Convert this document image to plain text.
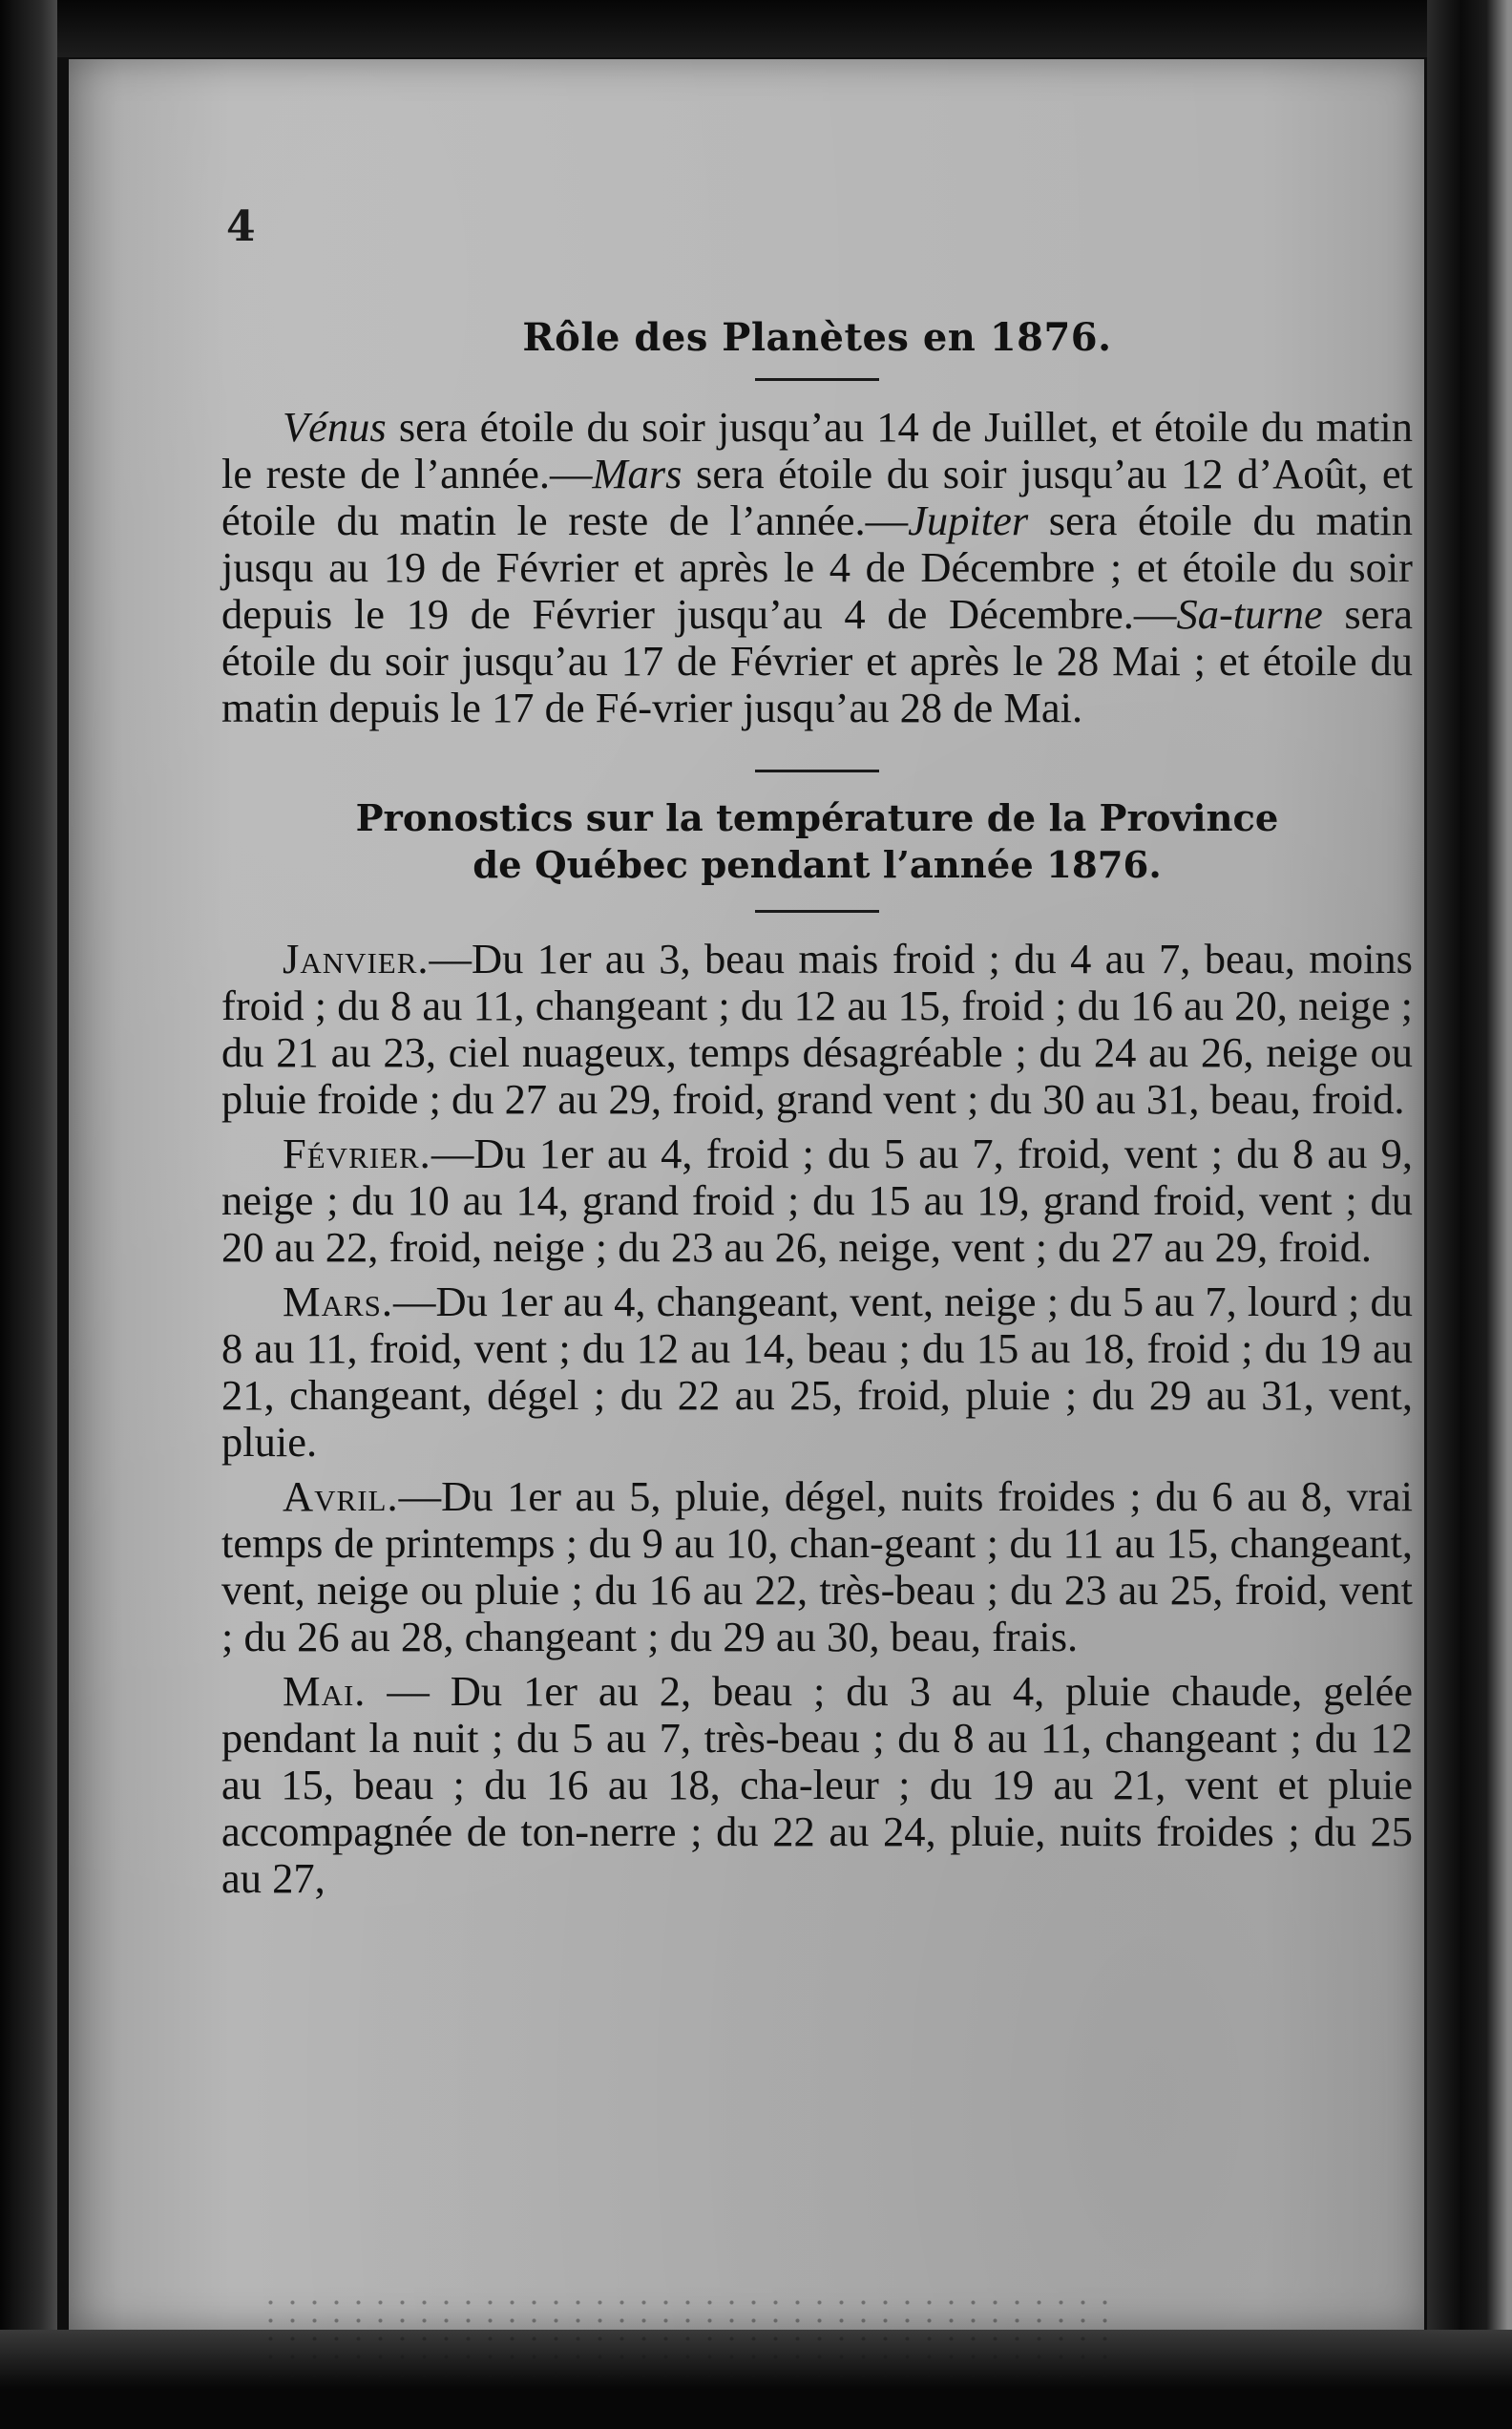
4
Rôle des Planètes en 1876.

Vénus sera étoile du soir jusqu’au 14 de Juillet, et étoile du matin le reste de l’année.—Mars sera étoile du soir jusqu’au 12 d’Août, et étoile du matin le reste de l’année.—Jupiter sera étoile du matin jusqu au 19 de Février et après le 4 de Décembre ; et étoile du soir depuis le 19 de Février jusqu’au 4 de Décembre.—Sa-turne sera étoile du soir jusqu’au 17 de Février et après le 28 Mai ; et étoile du matin depuis le 17 de Fé-vrier jusqu’au 28 de Mai.

Pronostics sur la température de la Province
de Québec pendant l’année 1876.

Janvier.—Du 1er au 3, beau mais froid ; du 4 au 7, beau, moins froid ; du 8 au 11, changeant ; du 12 au 15, froid ; du 16 au 20, neige ; du 21 au 23, ciel nuageux, temps désagréable ; du 24 au 26, neige ou pluie froide ; du 27 au 29, froid, grand vent ; du 30 au 31, beau, froid.

Février.—Du 1er au 4, froid ; du 5 au 7, froid, vent ; du 8 au 9, neige ; du 10 au 14, grand froid ; du 15 au 19, grand froid, vent ; du 20 au 22, froid, neige ; du 23 au 26, neige, vent ; du 27 au 29, froid.

Mars.—Du 1er au 4, changeant, vent, neige ; du 5 au 7, lourd ; du 8 au 11, froid, vent ; du 12 au 14, beau ; du 15 au 18, froid ; du 19 au 21, changeant, dégel ; du 22 au 25, froid, pluie ; du 29 au 31, vent, pluie.

Avril.—Du 1er au 5, pluie, dégel, nuits froides ; du 6 au 8, vrai temps de printemps ; du 9 au 10, chan-geant ; du 11 au 15, changeant, vent, neige ou pluie ; du 16 au 22, très-beau ; du 23 au 25, froid, vent ; du 26 au 28, changeant ; du 29 au 30, beau, frais.

Mai. — Du 1er au 2, beau ; du 3 au 4, pluie chaude, gelée pendant la nuit ; du 5 au 7, très-beau ; du 8 au 11, changeant ; du 12 au 15, beau ; du 16 au 18, cha-leur ; du 19 au 21, vent et pluie accompagnée de ton-nerre ; du 22 au 24, pluie, nuits froides ; du 25 au 27,
